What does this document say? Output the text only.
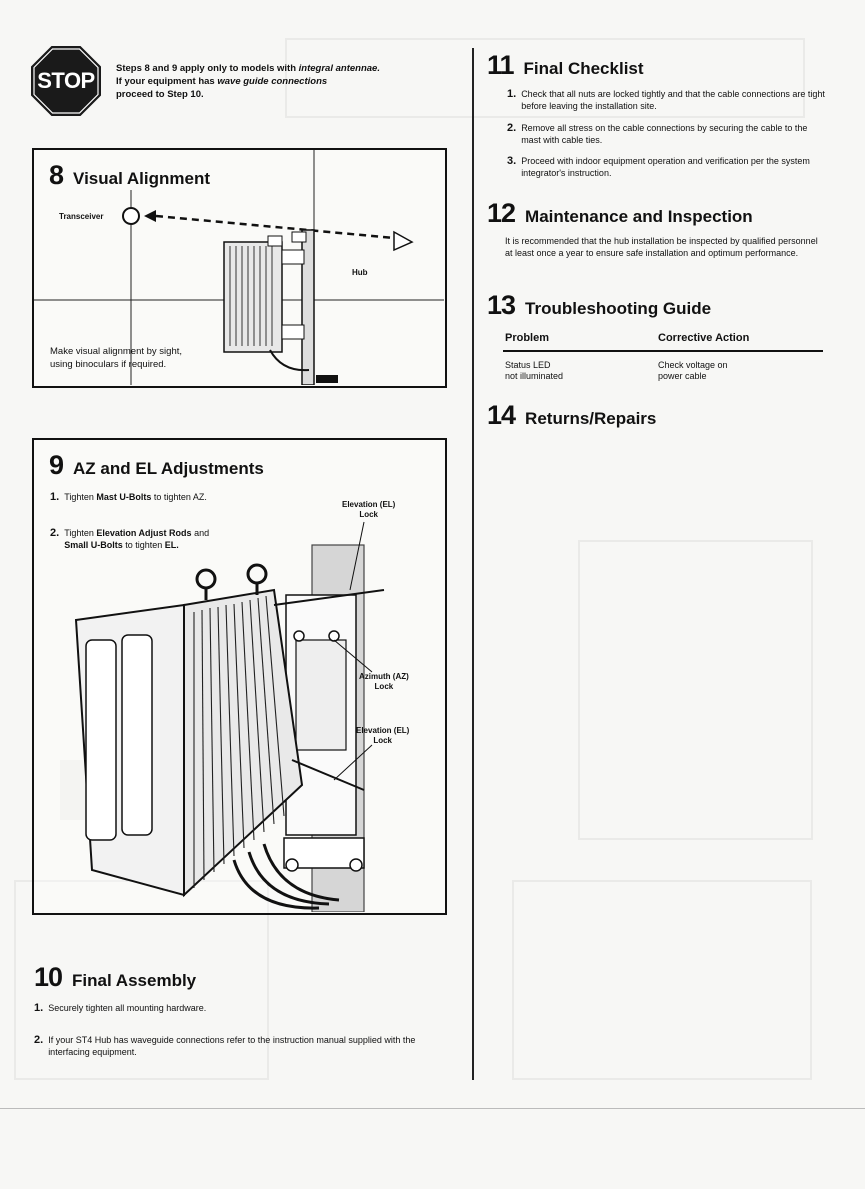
STOP	Steps 8 and 9 apply only to models with integral antennae.
If your equipment has wave guide connections
proceed to Step 10.
Transceiver
Hub
Make visual alignment by sight,
using binoculars if required.
8 Visual Alignment
Elevation (EL)
Lock
Azimuth (AZ)
Lock
Elevation (EL)
Lock
9 AZ and EL Adjustments
1. Tighten Mast U-Bolts to tighten AZ.
2. Tighten Elevation Adjust Rods and
Small U-Bolts to tighten EL.
10 Final Assembly
1. Securely tighten all mounting hardware.
2. If your ST4 Hub has waveguide connections refer to the instruction manual supplied with the interfacing equipment.
11 Final Checklist
1. Check that all nuts are locked tightly and that the cable connections are tight before leaving the installation site.
2. Remove all stress on the cable connections by securing the cable to the mast with cable ties.
3. Proceed with indoor equipment operation and verification per the system integrator's instruction.
12 Maintenance and Inspection
It is recommended that the hub installation be inspected by qualified personnel at least once a year to ensure safe installation and optimum performance.
13 Troubleshooting Guide
Problem	Corrective Action
Status LED
not illuminated
Check voltage on
power cable
14 Returns/Repairs
